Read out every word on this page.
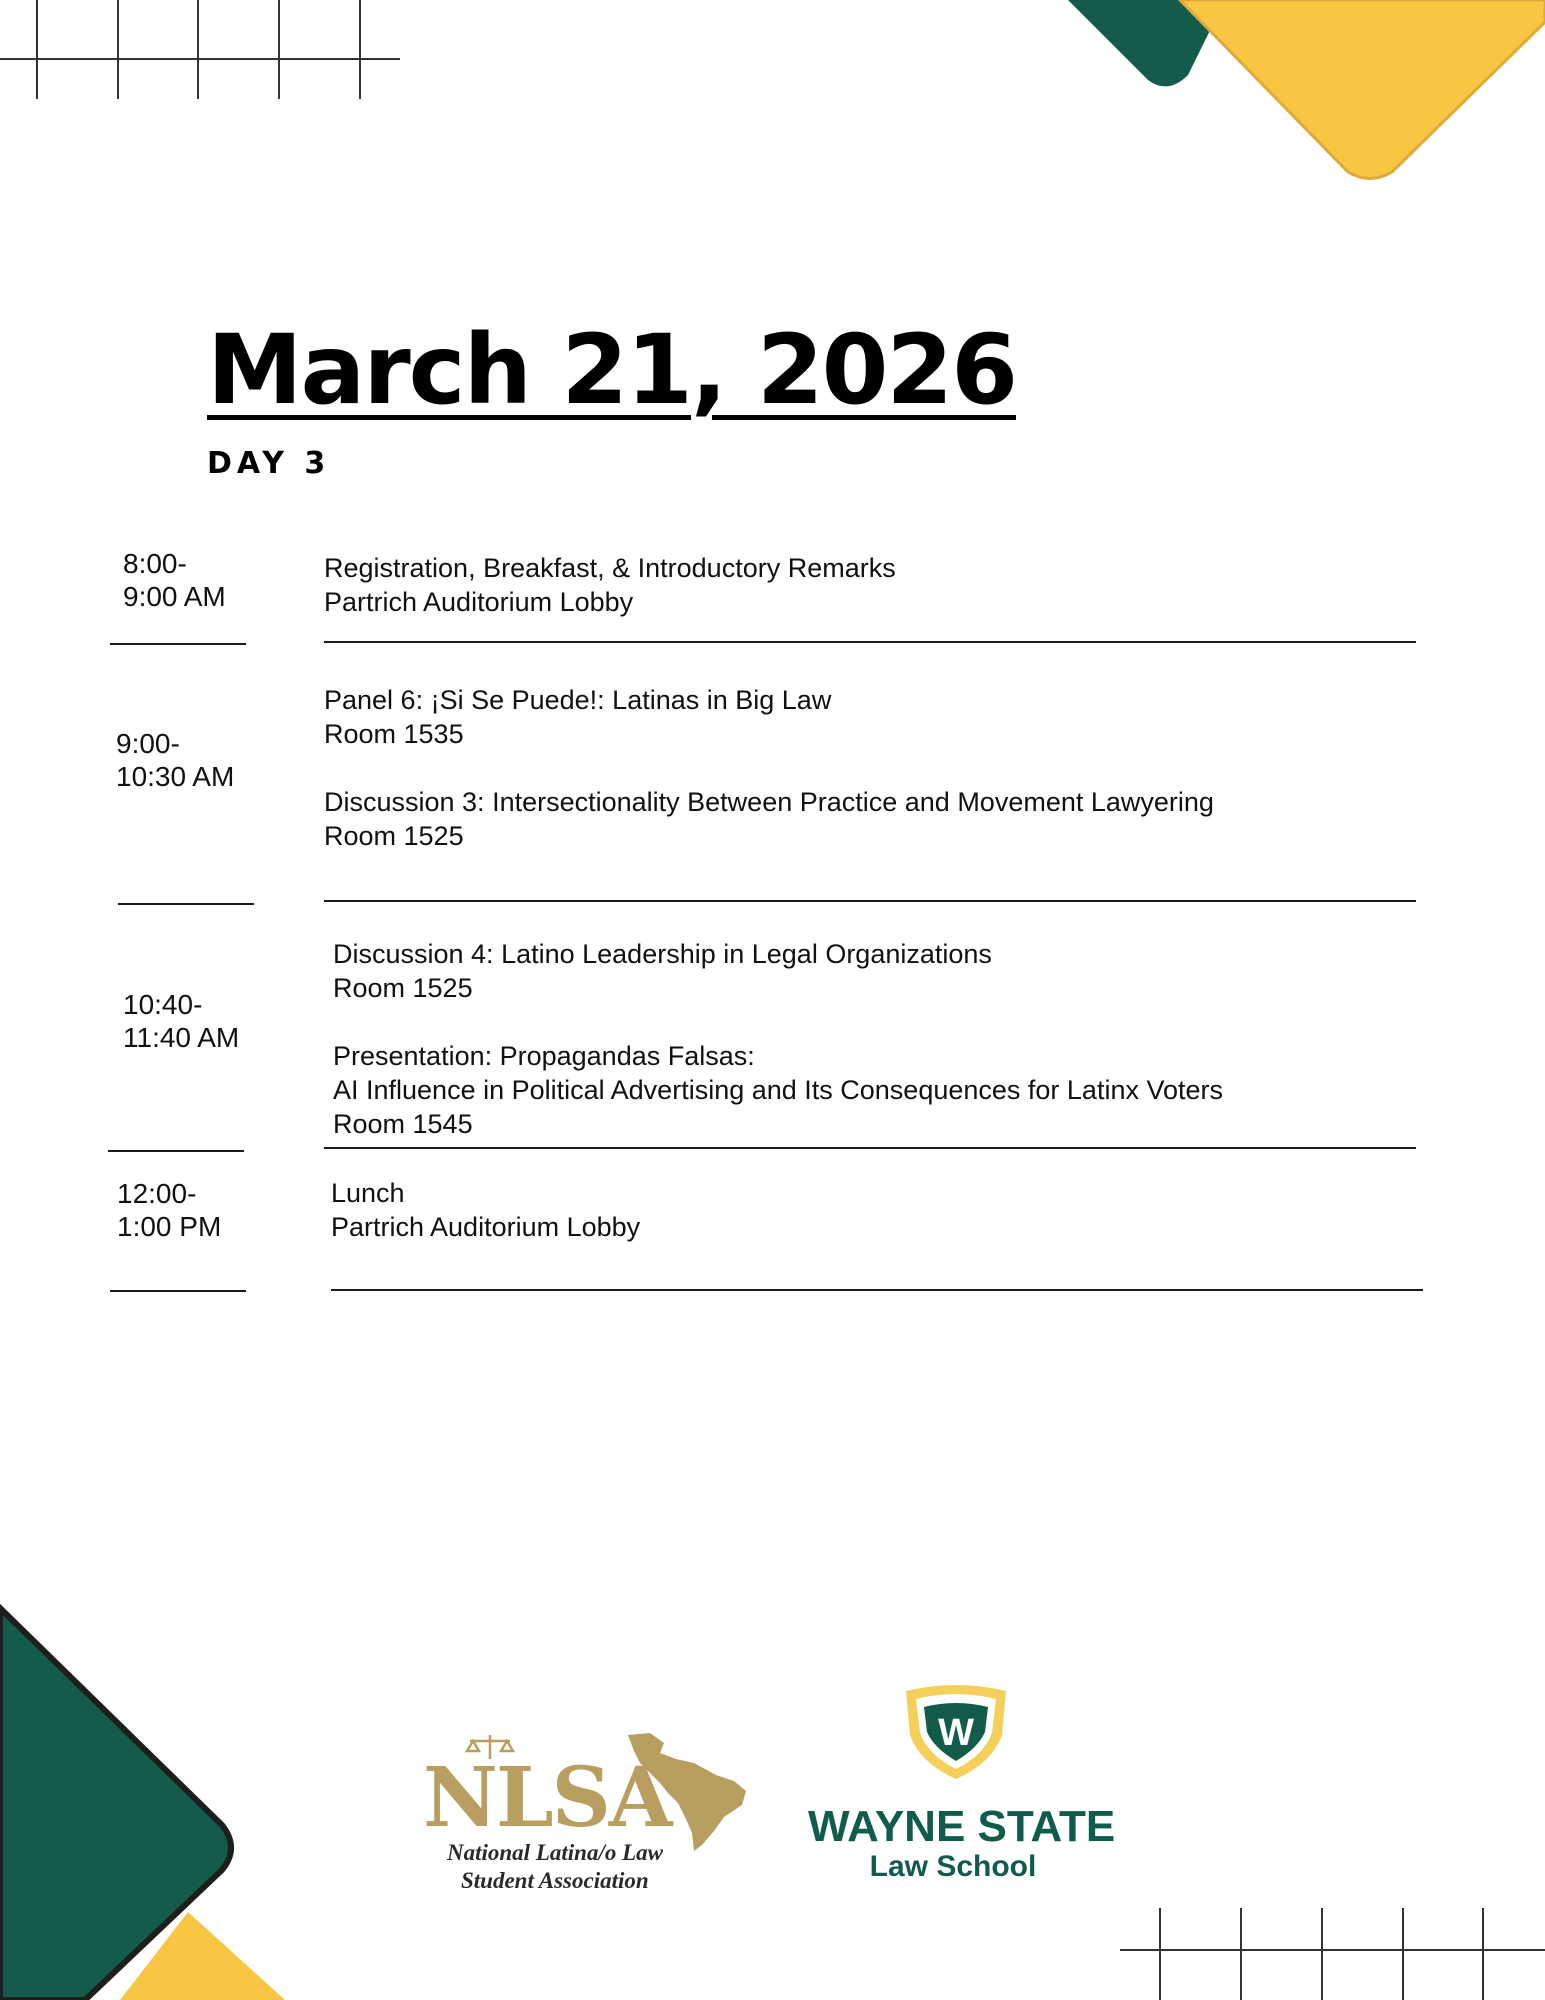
March 21, 2026
DAY 3
8:00-
9:00 AM
Registration, Breakfast, & Introductory Remarks
Partrich Auditorium Lobby
9:00-
10:30 AM
Panel 6: ¡Si Se Puede!: Latinas in Big Law
Room 1535
Discussion 3: Intersectionality Between Practice and Movement Lawyering
Room 1525
10:40-
11:40 AM
Discussion 4: Latino Leadership in Legal Organizations
Room 1525
Presentation: Propagandas Falsas:
AI Influence in Political Advertising and Its Consequences for Latinx Voters
Room 1545
12:00-
1:00 PM
Lunch
Partrich Auditorium Lobby
NLSA
National Latina/o Law
Student Association
W
WAYNE STATE
Law School
